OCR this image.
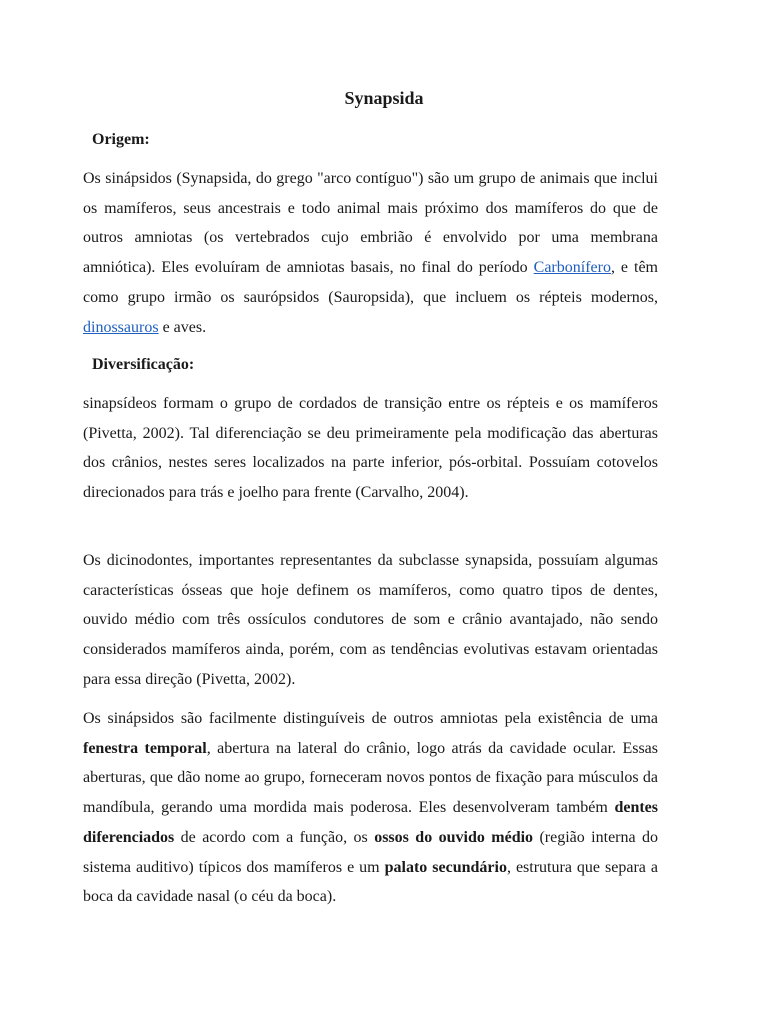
Synapsida
Origem:

Os sinápsidos (Synapsida, do grego "arco contíguo") são um grupo de animais que inclui os mamíferos, seus ancestrais e todo animal mais próximo dos mamíferos do que de outros amniotas (os vertebrados cujo embrião é envolvido por uma membrana amniótica). Eles evoluíram de amniotas basais, no final do período Carbonífero, e têm como grupo irmão os saurópsidos (Sauropsida), que incluem os répteis modernos, dinossauros e aves.

Diversificação:

sinapsídeos formam o grupo de cordados de transição entre os répteis e os mamíferos (Pivetta, 2002). Tal diferenciação se deu primeiramente pela modificação das aberturas dos crânios, nestes seres localizados na parte inferior, pós-orbital. Possuíam cotovelos direcionados para trás e joelho para frente (Carvalho, 2004).

Os dicinodontes, importantes representantes da subclasse synapsida, possuíam algumas características ósseas que hoje definem os mamíferos, como quatro tipos de dentes, ouvido médio com três ossículos condutores de som e crânio avantajado, não sendo considerados mamíferos ainda, porém, com as tendências evolutivas estavam orientadas para essa direção (Pivetta, 2002).

Os sinápsidos são facilmente distinguíveis de outros amniotas pela existência de uma fenestra temporal, abertura na lateral do crânio, logo atrás da cavidade ocular. Essas aberturas, que dão nome ao grupo, forneceram novos pontos de fixação para músculos da mandíbula, gerando uma mordida mais poderosa. Eles desenvolveram também dentes diferenciados de acordo com a função, os ossos do ouvido médio (região interna do sistema auditivo) típicos dos mamíferos e um palato secundário, estrutura que separa a boca da cavidade nasal (o céu da boca).
